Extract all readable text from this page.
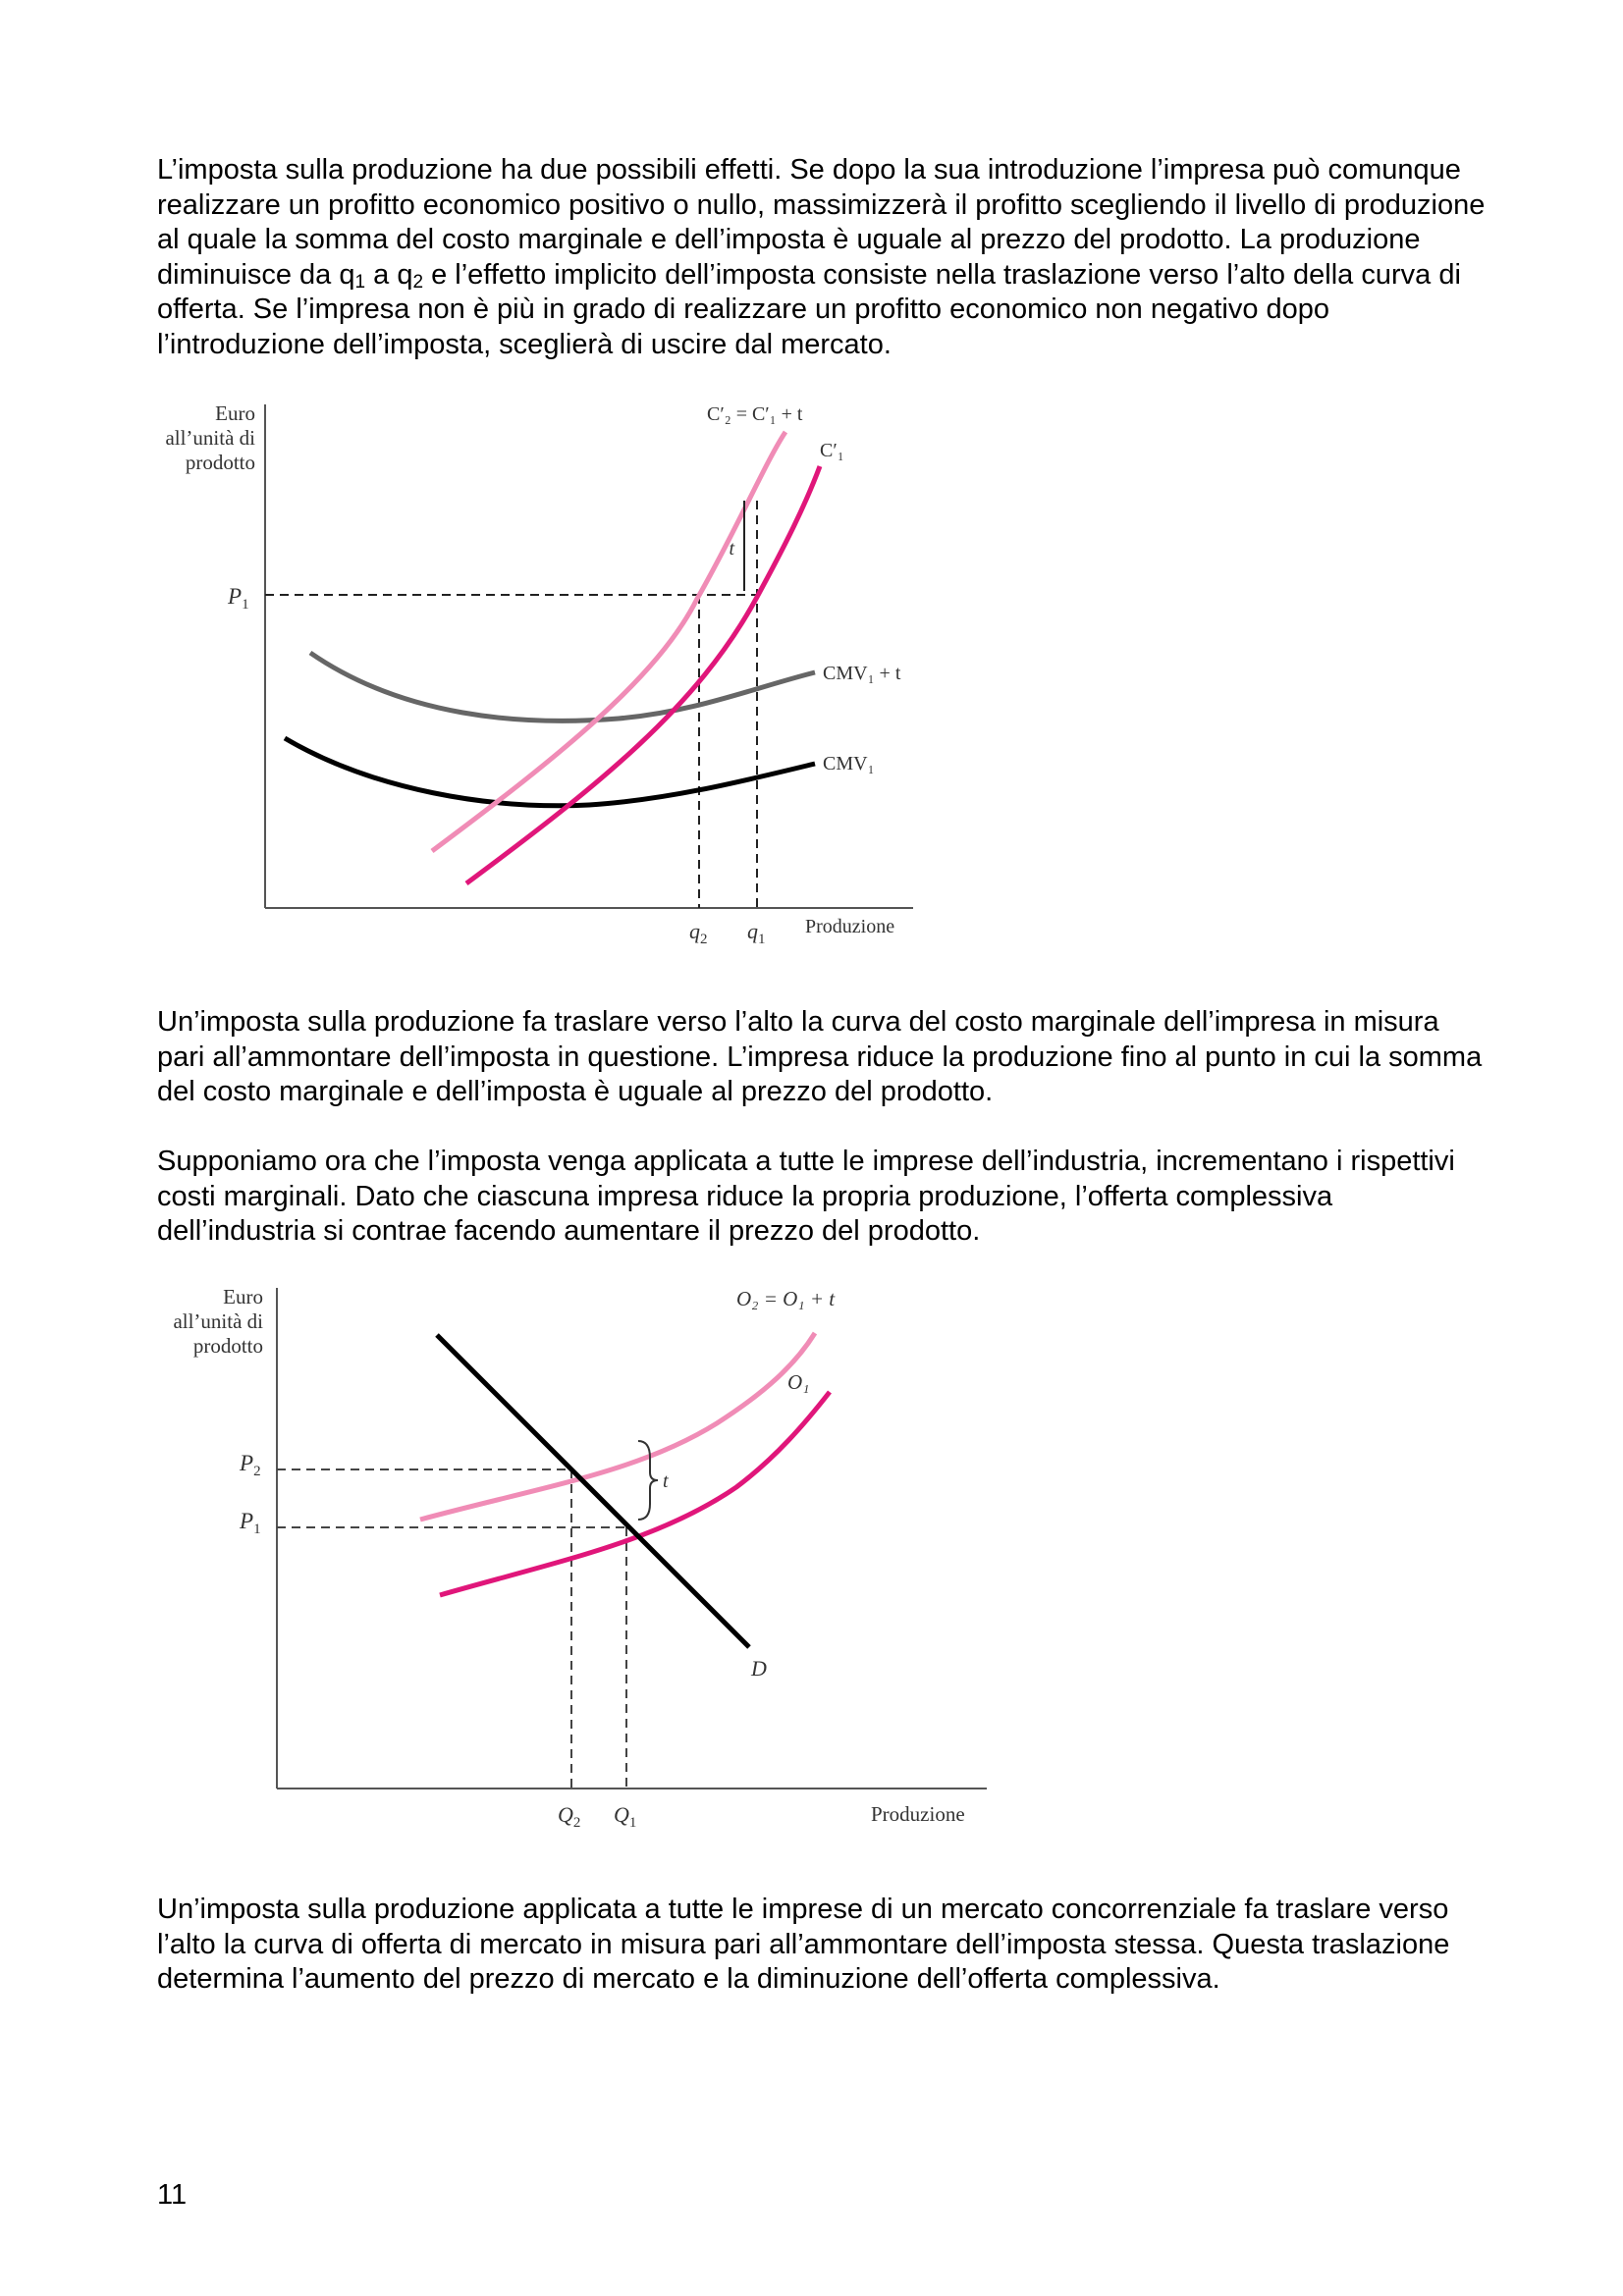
L’imposta sulla produzione ha due possibili effetti. Se dopo la sua introduzione l’impresa può comunque realizzare un profitto economico positivo o nullo, massimizzerà il profitto scegliendo il livello di produzione al quale la somma del costo marginale e dell’imposta è uguale al prezzo del prodotto. La produzione diminuisce da $q_1$ a $q_2$ e l’effetto implicito dell’imposta consiste nella traslazione verso l’alto della curva di offerta. Se l’impresa non è più in grado di realizzare un profitto economico non negativo dopo l’introduzione dell’imposta, sceglierà di uscire dal mercato.

Euro
all’unità di
prodotto
t
$P_1$
$q_2$ $q_1$
Produzione
C′₂ = C′₁ + t
C′₁
CMV₁ + t
CMV₁

Un’imposta sulla produzione fa traslare verso l’alto la curva del costo marginale dell’impresa in misura pari all’ammontare dell’imposta in questione. L’impresa riduce la produzione fino al punto in cui la somma del costo marginale e dell’imposta è uguale al prezzo del prodotto.

Supponiamo ora che l’imposta venga applicata a tutte le imprese dell’industria, incrementano i rispettivi costi marginali. Dato che ciascuna impresa riduce la propria produzione, l’offerta complessiva dell’industria si contrae facendo aumentare il prezzo del prodotto.

Euro
all’unità di
prodotto
t
$P_2$
$P_1$
$Q_2$ $Q_1$	Produzione
O₂ = O₁ + t
O₁
D

Un’imposta sulla produzione applicata a tutte le imprese di un mercato concorrenziale fa traslare verso l’alto la curva di offerta di mercato in misura pari all’ammontare dell’imposta stessa. Questa traslazione determina l’aumento del prezzo di mercato e la diminuzione dell’offerta complessiva.

11
